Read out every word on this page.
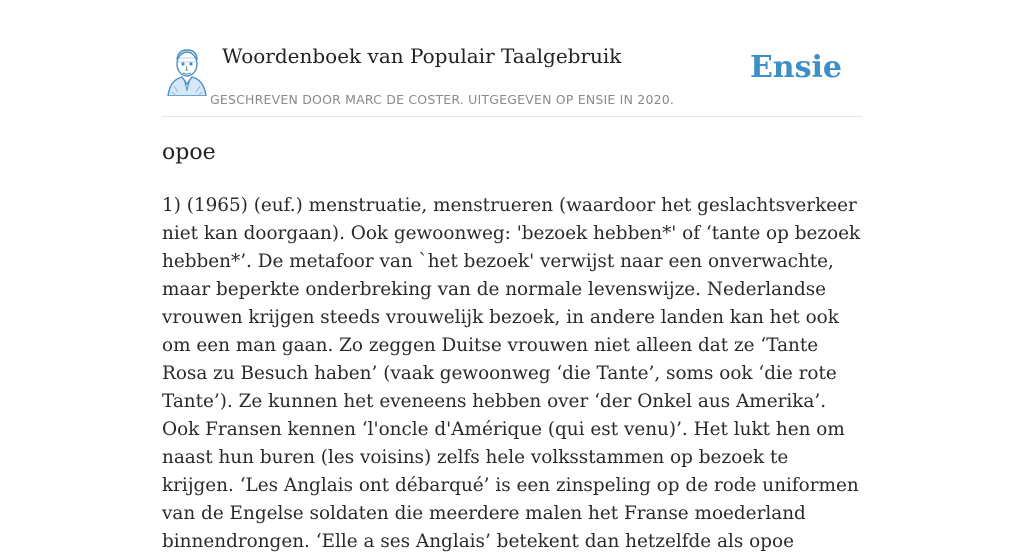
Woordenboek van Populair Taalgebruik
GESCHREVEN DOOR MARC DE COSTER. UITGEGEVEN OP ENSIE IN 2020.
Ensie
opoe

1) (1965) (euf.) menstruatie, menstrueren (waardoor het geslachtsverkeer niet kan doorgaan). Ook gewoonweg: 'bezoek hebben*' of ‘tante op bezoek hebben*’. De metafoor van `het bezoek' verwijst naar een onverwachte, maar beperkte onderbreking van de normale levenswijze. Nederlandse vrouwen krijgen steeds vrouwelijk bezoek, in andere landen kan het ook om een man gaan. Zo zeggen Duitse vrouwen niet alleen dat ze ‘Tante Rosa zu Besuch haben’ (vaak gewoonweg ‘die Tante’, soms ook ‘die rote Tante’). Ze kunnen het eveneens hebben over ‘der Onkel aus Amerika’. Ook Fransen kennen ‘l'oncle d'Amérique (qui est venu)’. Het lukt hen om naast hun buren (les voisins) zelfs hele volksstammen op bezoek te krijgen. ‘Les Anglais ont débarqué’ is een zinspeling op de rode uniformen van de Engelse soldaten die meerdere malen het Franse moederland binnendrongen. ‘Elle a ses Anglais’ betekent dan hetzelfde als opoe
